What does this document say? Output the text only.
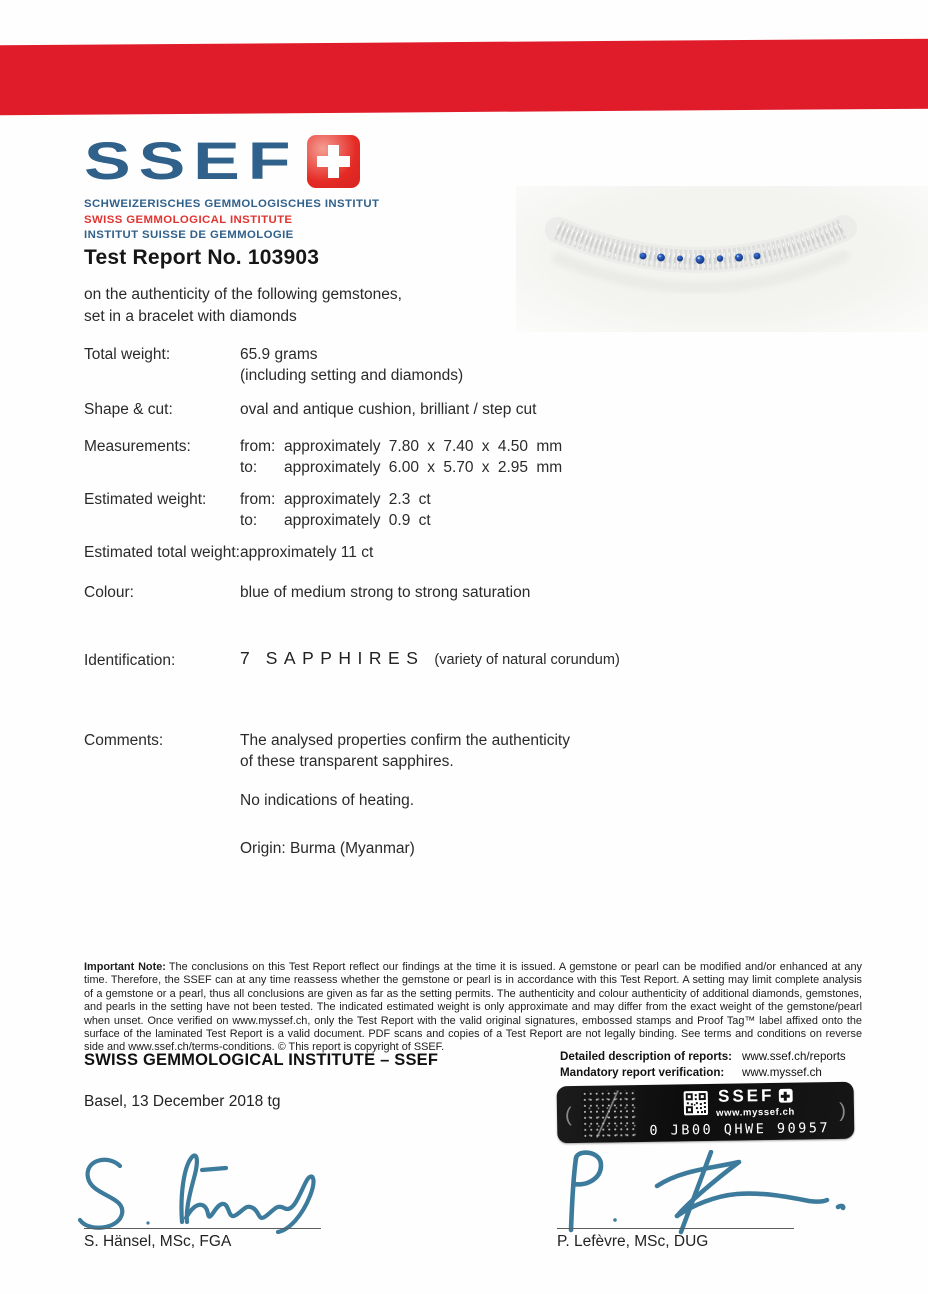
SSEF
SCHWEIZERISCHES GEMMOLOGISCHES INSTITUT
SWISS GEMMOLOGICAL INSTITUTE
INSTITUT SUISSE DE GEMMOLOGIE
Test Report No. 103903
on the authenticity of the following gemstones,
set in a bracelet with diamonds
Total weight:	65.9 grams
(including setting and diamonds)
Shape & cut:	oval and antique cushion, brilliant / step cut
Measurements:	from: approximately 7.80 x 7.40 x 4.50 mm
to: approximately 6.00 x 5.70 x 2.95 mm
Estimated weight: from: approximately 2.3 ct
to: approximately 0.9 ct
Estimated total weight: approximately 11 ct
Colour:	blue of medium strong to strong saturation
Identification:	7 SAPPHIRES (variety of natural corundum)
Comments:	The analysed properties confirm the authenticity
of these transparent sapphires.
No indications of heating.
Origin: Burma (Myanmar)
Important Note: The conclusions on this Test Report reflect our findings at the time it is issued. A gemstone or pearl can be modified and/or enhanced at any time. Therefore, the SSEF can at any time reassess whether the gemstone or pearl is in accordance with this Test Report. A setting may limit complete analysis of a gemstone or a pearl, thus all conclusions are given as far as the setting permits. The authenticity and colour authenticity of additional diamonds, gemstones, and pearls in the setting have not been tested. The indicated estimated weight is only approximate and may differ from the exact weight of the gemstone/pearl when unset. Once verified on www.myssef.ch, only the Test Report with the valid original signatures, embossed stamps and Proof Tag™ label affixed onto the surface of the laminated Test Report is a valid document. PDF scans and copies of a Test Report are not legally binding. See terms and conditions on reverse side and www.ssef.ch/terms-conditions. © This report is copyright of SSEF.
SWISS GEMMOLOGICAL INSTITUTE – SSEF	Detailed description of reports: www.ssef.ch/reports
Mandatory report verification: www.myssef.ch
Basel, 13 December 2018 tg
(
SSEF
www.myssef.ch
0 JB00 QHWE 90957
)
S. Hänsel, MSc, FGA	P. Lefèvre, MSc, DUG
